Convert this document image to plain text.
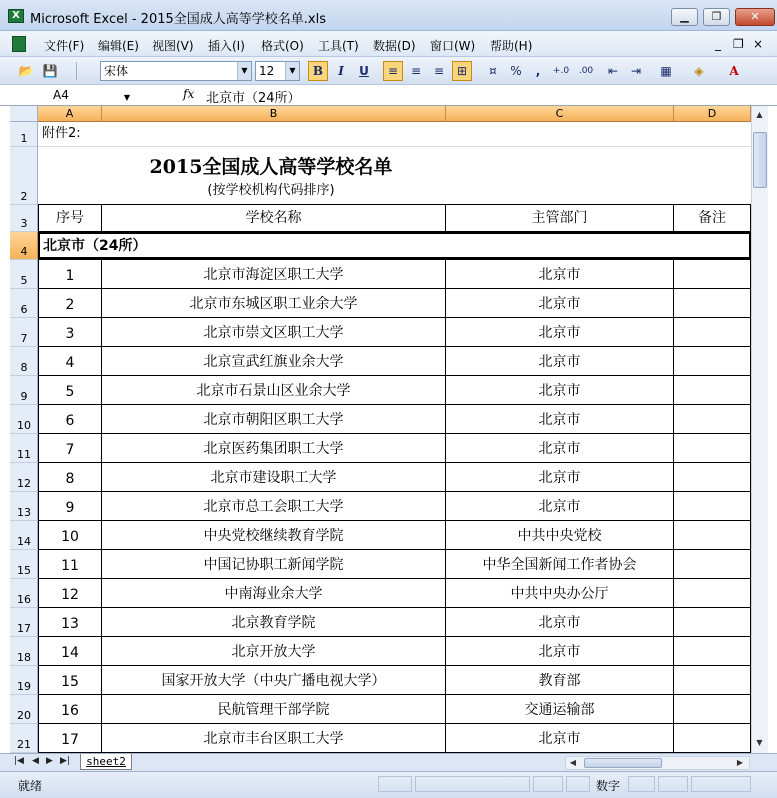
X Microsoft Excel - 2015全国成人高等学校名单.xls	▁	❐	✕
文件(F) 编辑(E) 视图(V) 插入(I) 格式(O) 工具(T) 数据(D) 窗口(W) 帮助(H)	_ ❐ ×
📂 💾	宋体	▼ 12	▼	B	I	U	≡	≡	≡	⊞	¤	%	,	+.0	.00	⇤	⇥	▦	◈	A
A4	▼	fx 北京市（24所）
A	B	C	D
1
2
3
4
5
6
7
8
9
10
11
12
13
14
15
16
17
18
19
20
21
附件2:
2015全国成人高等学校名单
(按学校机构代码排序)
序号	学校名称	主管部门	备注
1	北京市海淀区职工大学	北京市
2	北京市东城区职工业余大学	北京市
3	北京市崇文区职工大学	北京市
4	北京宣武红旗业余大学	北京市
5	北京市石景山区业余大学	北京市
6	北京市朝阳区职工大学	北京市
7	北京医药集团职工大学	北京市
8	北京市建设职工大学	北京市
9	北京市总工会职工大学	北京市
10	中央党校继续教育学院	中共中央党校
11	中国记协职工新闻学院	中华全国新闻工作者协会
12	中南海业余大学	中共中央办公厅
13	北京教育学院	北京市
14	北京开放大学	北京市
15	国家开放大学（中央广播电视大学）	教育部
16	民航管理干部学院	交通运输部
17	北京市丰台区职工大学	北京市
北京市（24所）
▲
▼
|◀ ◀ ▶ ▶|	sheet2	◀	▶
就绪	数字
